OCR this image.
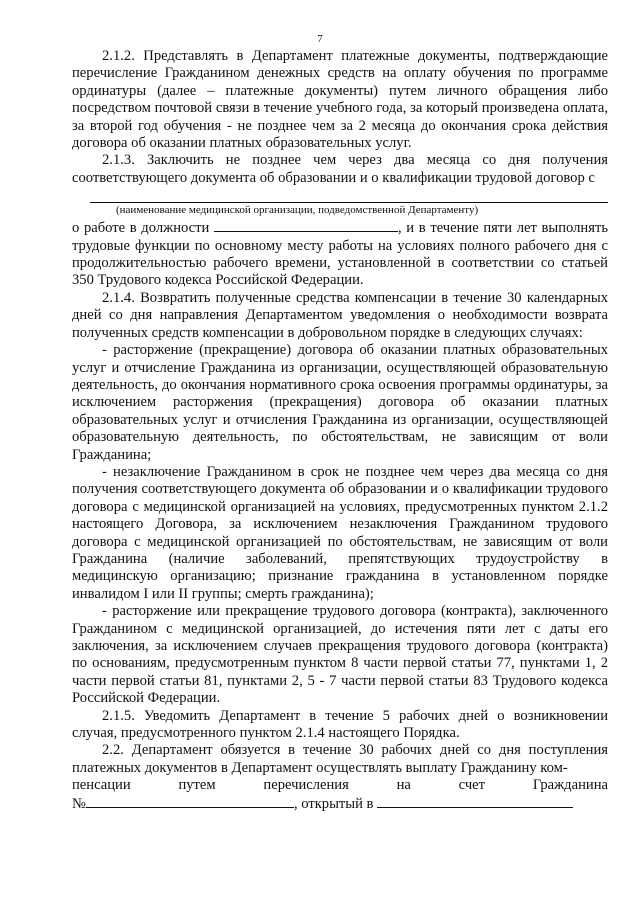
7

2.1.2. Представлять в Департамент платежные документы, подтверждающие перечисление Гражданином денежных средств на оплату обучения по программе ординатуры (далее – платежные документы) путем личного обращения либо посредством почтовой связи в течение учебного года, за который произведена оплата, за второй год обучения - не позднее чем за 2 месяца до окончания срока действия договора об оказании платных образовательных услуг.

2.1.3. Заключить не позднее чем через два месяца со дня получения соответствующего документа об образовании и о квалификации трудовой договор с

(наименование медицинской организации, подведомственной Департаменту)

о работе в должности	, и в течение пяти лет выполнять трудовые функции по основному месту работы на условиях полного рабочего дня с продолжительностью рабочего времени, установленной в соответствии со статьей 350 Трудового кодекса Российской Федерации.

2.1.4. Возвратить полученные средства компенсации в течение 30 календарных дней со дня направления Департаментом уведомления о необходимости возврата полученных средств компенсации в добровольном порядке в следующих случаях:

- расторжение (прекращение) договора об оказании платных образовательных услуг и отчисление Гражданина из организации, осуществляющей образовательную деятельность, до окончания нормативного срока освоения программы ординатуры, за исключением расторжения (прекращения) договора об оказании платных образовательных услуг и отчисления Гражданина из организации, осуществляющей образовательную деятельность, по обстоятельствам, не зависящим от воли Гражданина;

- незаключение Гражданином в срок не позднее чем через два месяца со дня получения соответствующего документа об образовании и о квалификации трудового договора с медицинской организацией на условиях, предусмотренных пунктом 2.1.2 настоящего Договора, за исключением незаключения Гражданином трудового договора с медицинской организацией по обстоятельствам, не зависящим от воли Гражданина (наличие заболеваний, препятствующих трудоустройству в медицинскую организацию; признание гражданина в установленном порядке инвалидом I или II группы; смерть гражданина);

- расторжение или прекращение трудового договора (контракта), заключенного Гражданином с медицинской организацией, до истечения пяти лет с даты его заключения, за исключением случаев прекращения трудового договора (контракта) по основаниям, предусмотренным пунктом 8 части первой статьи 77, пунктами 1, 2 части первой статьи 81, пунктами 2, 5 - 7 части первой статьи 83 Трудового кодекса Российской Федерации.

2.1.5. Уведомить Департамент в течение 5 рабочих дней о возникновении случая, предусмотренного пунктом 2.1.4 настоящего Порядка.

2.2. Департамент обязуется в течение 30 рабочих дней со дня поступления платежных документов в Департамент осуществлять выплату Гражданину ком-

пенсации	путем	перечисления	на	счет	Гражданина

№	, открытый в
